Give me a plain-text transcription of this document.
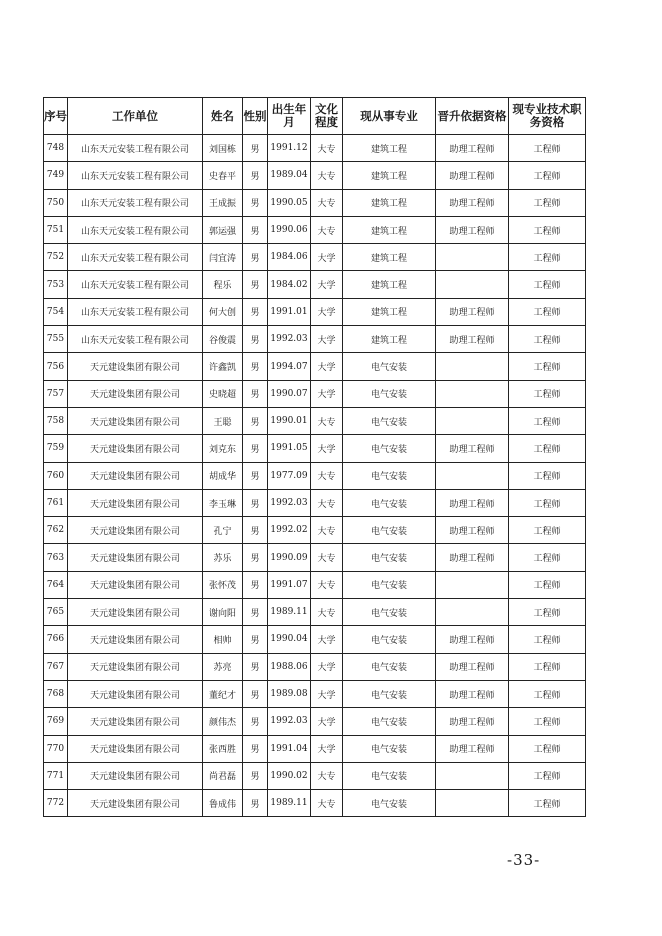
序号	工作单位	姓名	性别	出生年月	文化程度	现从事专业	晋升依据资格	现专业技术职务资格
748	山东天元安装工程有限公司	刘国栋	男	1991.12	大专	建筑工程	助理工程师	工程师
749	山东天元安装工程有限公司	史春平	男	1989.04	大专	建筑工程	助理工程师	工程师
750	山东天元安装工程有限公司	王成振	男	1990.05	大专	建筑工程	助理工程师	工程师
751	山东天元安装工程有限公司	郭运强	男	1990.06	大专	建筑工程	助理工程师	工程师
752	山东天元安装工程有限公司	闫宜涛	男	1984.06	大学	建筑工程		工程师
753	山东天元安装工程有限公司	程乐	男	1984.02	大学	建筑工程		工程师
754	山东天元安装工程有限公司	何大创	男	1991.01	大学	建筑工程	助理工程师	工程师
755	山东天元安装工程有限公司	谷俊震	男	1992.03	大学	建筑工程	助理工程师	工程师
756	天元建设集团有限公司	许鑫凯	男	1994.07	大学	电气安装		工程师
757	天元建设集团有限公司	史晓超	男	1990.07	大学	电气安装		工程师
758	天元建设集团有限公司	王聪	男	1990.01	大专	电气安装		工程师
759	天元建设集团有限公司	刘克东	男	1991.05	大学	电气安装	助理工程师	工程师
760	天元建设集团有限公司	胡成华	男	1977.09	大专	电气安装		工程师
761	天元建设集团有限公司	李玉琳	男	1992.03	大专	电气安装	助理工程师	工程师
762	天元建设集团有限公司	孔宁	男	1992.02	大专	电气安装	助理工程师	工程师
763	天元建设集团有限公司	苏乐	男	1990.09	大专	电气安装	助理工程师	工程师
764	天元建设集团有限公司	张怀茂	男	1991.07	大专	电气安装		工程师
765	天元建设集团有限公司	谢向阳	男	1989.11	大专	电气安装		工程师
766	天元建设集团有限公司	相帅	男	1990.04	大学	电气安装	助理工程师	工程师
767	天元建设集团有限公司	苏亮	男	1988.06	大学	电气安装	助理工程师	工程师
768	天元建设集团有限公司	董纪才	男	1989.08	大学	电气安装	助理工程师	工程师
769	天元建设集团有限公司	颜伟杰	男	1992.03	大学	电气安装	助理工程师	工程师
770	天元建设集团有限公司	张西胜	男	1991.04	大学	电气安装	助理工程师	工程师
771	天元建设集团有限公司	尚君磊	男	1990.02	大专	电气安装		工程师
772	天元建设集团有限公司	鲁成伟	男	1989.11	大专	电气安装		工程师
-33-
